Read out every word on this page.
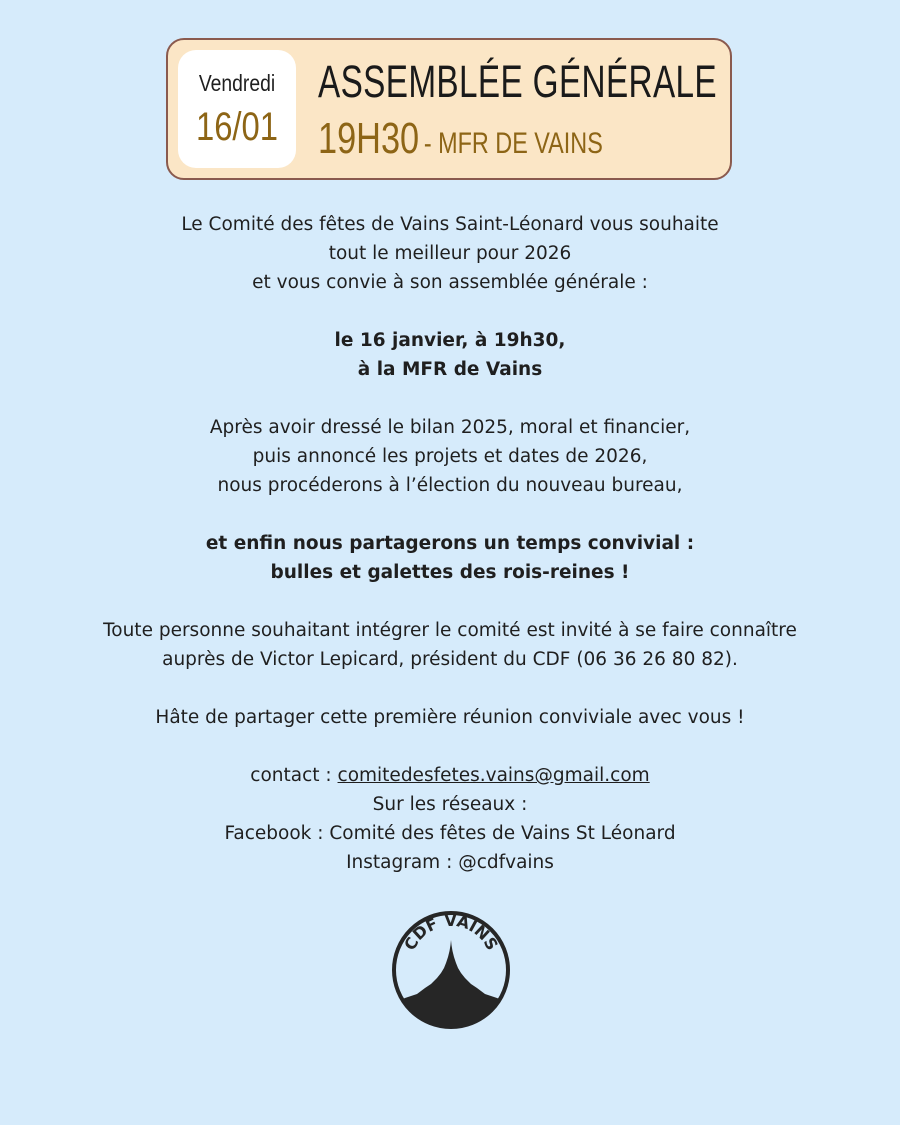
Vendredi
16/01
ASSEMBLÉE GÉNÉRALE
19H30 - MFR DE VAINS

Le Comité des fêtes de Vains Saint-Léonard vous souhaite
tout le meilleur pour 2026
et vous convie à son assemblée générale :

le 16 janvier, à 19h30,
à la MFR de Vains

Après avoir dressé le bilan 2025, moral et financier,
puis annoncé les projets et dates de 2026,
nous procéderons à l’élection du nouveau bureau,

et enfin nous partagerons un temps convivial :
bulles et galettes des rois-reines !

Toute personne souhaitant intégrer le comité est invité à se faire connaître
auprès de Victor Lepicard, président du CDF (06 36 26 80 82).

Hâte de partager cette première réunion conviviale avec vous !

contact : comitedesfetes.vains@gmail.com
Sur les réseaux :
Facebook : Comité des fêtes de Vains St Léonard
Instagram : @cdfvains

CDF VAINS
